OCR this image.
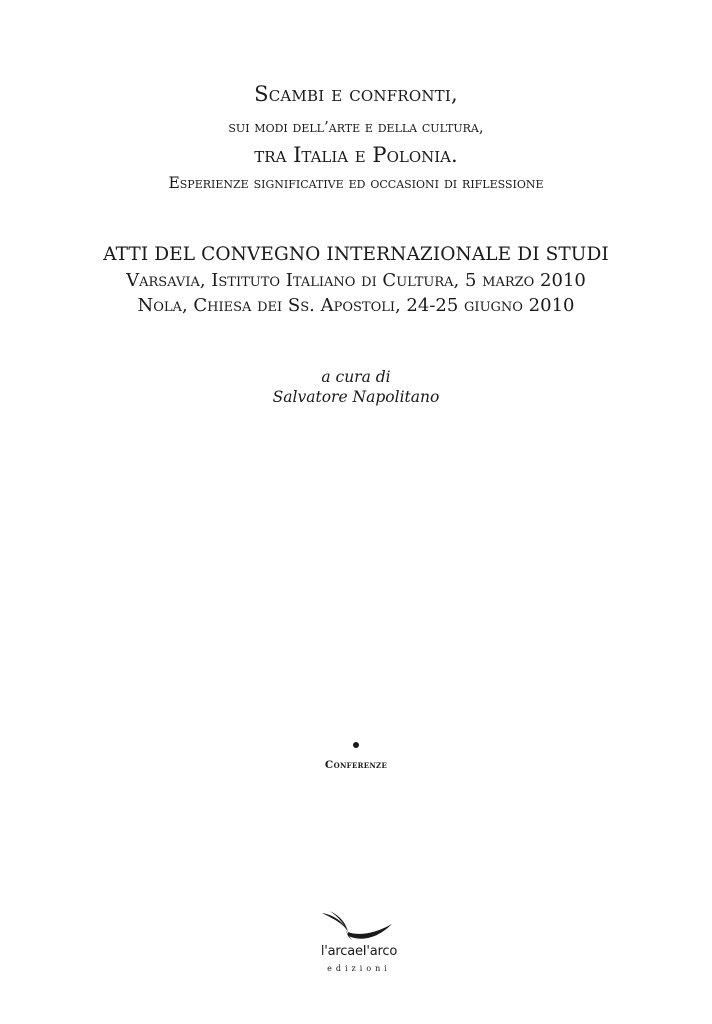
Scambi e confronti,
sui modi dell’arte e della cultura,
tra Italia e Polonia.
Esperienze significative ed occasioni di riflessione
ATTI DEL CONVEGNO INTERNAZIONALE DI STUDI
Varsavia, Istituto Italiano di Cultura, 5 marzo 2010
Nola, Chiesa dei Ss. Apostoli, 24-25 giugno 2010
a cura di
Salvatore Napolitano
Conferenze
l'arcaeI'arco
edizioni
